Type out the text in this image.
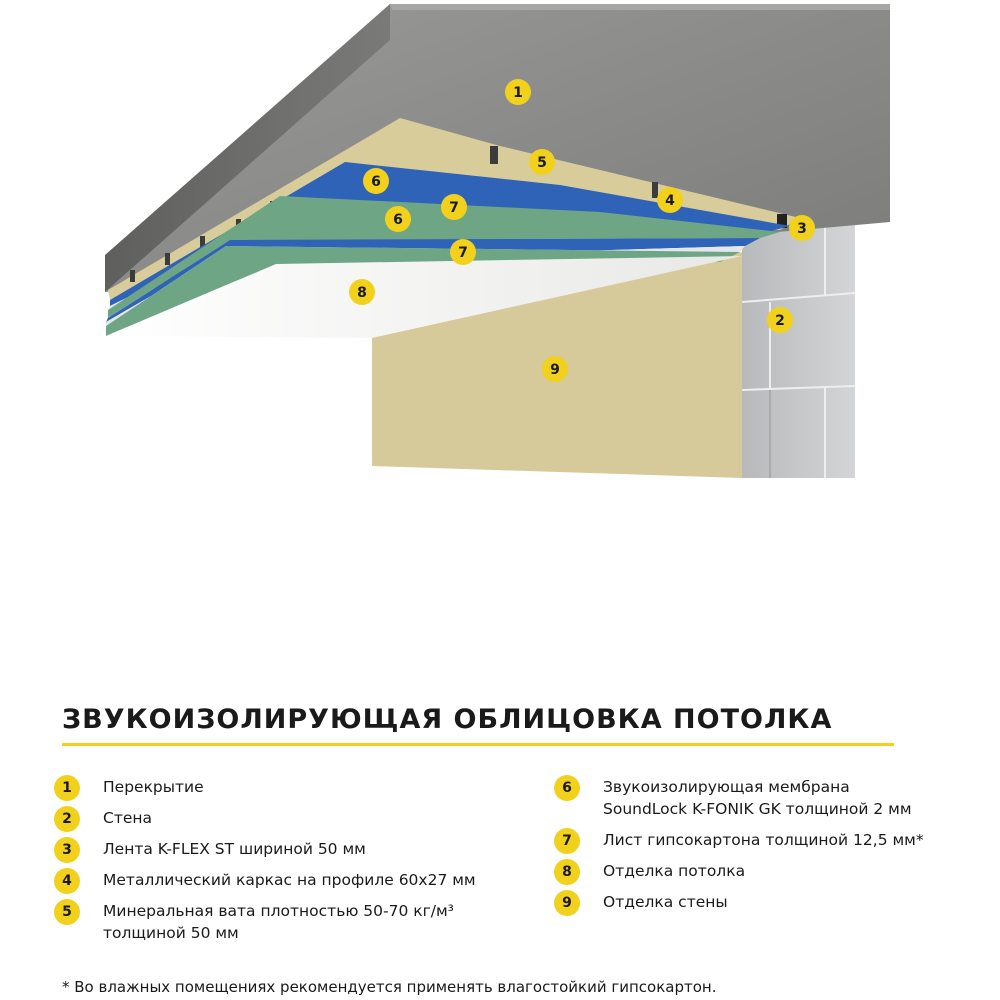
1
5
6
7	4
3
6
7
8
2
9
ЗВУКОИЗОЛИРУЮЩАЯ ОБЛИЦОВКА ПОТОЛКА
1	Перекрытие
2	Стена
3	Лента K-FLEX ST шириной 50 мм
4	Металлический каркас на профиле 60х27 мм
5	Минеральная вата плотностью 50-70 кг/м³
толщиной 50 мм
6	Звукоизолирующая мембрана
SoundLock K-FONIK GK толщиной 2 мм
7	Лист гипсокартона толщиной 12,5 мм*
8	Отделка потолка
9	Отделка стены
* Во влажных помещениях рекомендуется применять влагостойкий гипсокартон.
